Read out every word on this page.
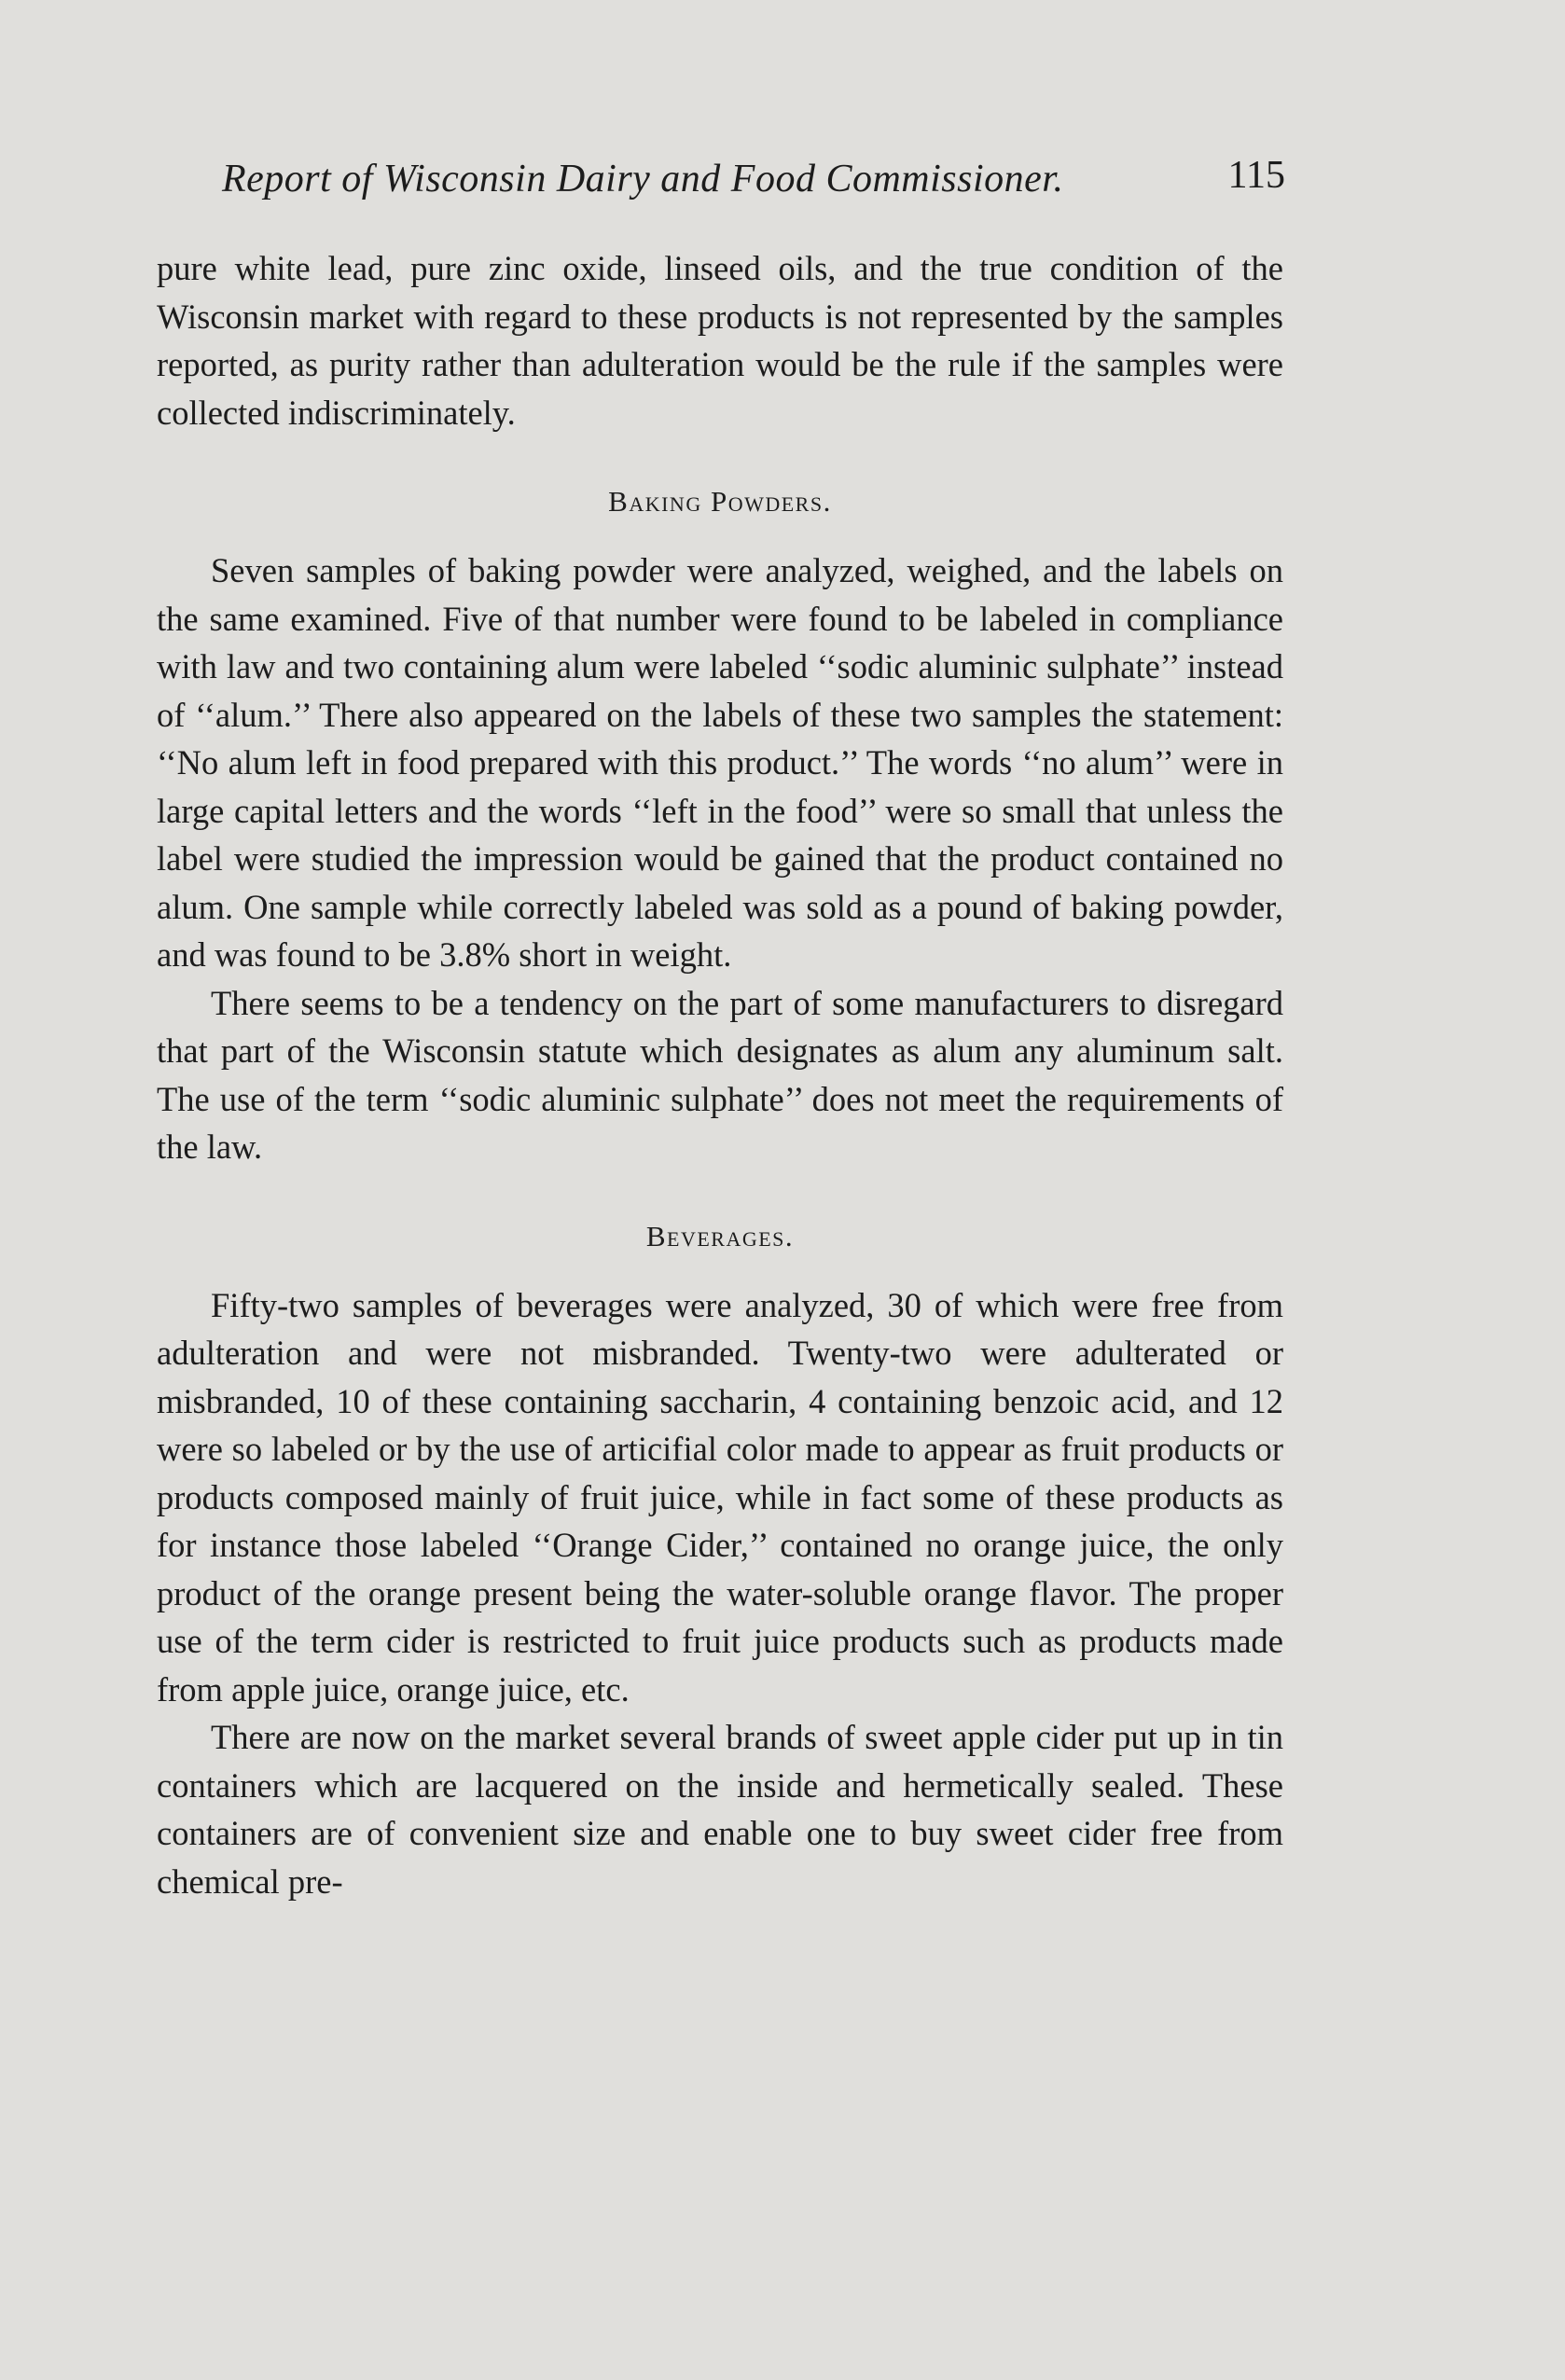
Report of Wisconsin Dairy and Food Commissioner.	115

pure white lead, pure zinc oxide, linseed oils, and the true condition of the Wisconsin market with regard to these products is not represented by the samples reported, as purity rather than adulteration would be the rule if the samples were collected indiscriminately.

Baking Powders.

Seven samples of baking powder were analyzed, weighed, and the labels on the same examined. Five of that number were found to be labeled in compliance with law and two containing alum were labeled ‘‘sodic aluminic sulphate’’ instead of ‘‘alum.’’ There also appeared on the labels of these two samples the statement: ‘‘No alum left in food prepared with this product.’’ The words ‘‘no alum’’ were in large capital letters and the words ‘‘left in the food’’ were so small that unless the label were studied the impression would be gained that the product contained no alum. One sample while correctly labeled was sold as a pound of baking powder, and was found to be 3.8% short in weight.

There seems to be a tendency on the part of some manufacturers to disregard that part of the Wisconsin statute which designates as alum any aluminum salt. The use of the term ‘‘sodic aluminic sulphate’’ does not meet the requirements of the law.

Beverages.

Fifty-two samples of beverages were analyzed, 30 of which were free from adulteration and were not misbranded. Twenty-two were adulterated or misbranded, 10 of these containing saccharin, 4 containing benzoic acid, and 12 were so labeled or by the use of articifial color made to appear as fruit products or products composed mainly of fruit juice, while in fact some of these products as for instance those labeled ‘‘Orange Cider,’’ contained no orange juice, the only product of the orange present being the water-soluble orange flavor. The proper use of the term cider is restricted to fruit juice products such as products made from apple juice, orange juice, etc.

There are now on the market several brands of sweet apple cider put up in tin containers which are lacquered on the inside and hermetically sealed. These containers are of convenient size and enable one to buy sweet cider free from chemical pre-
